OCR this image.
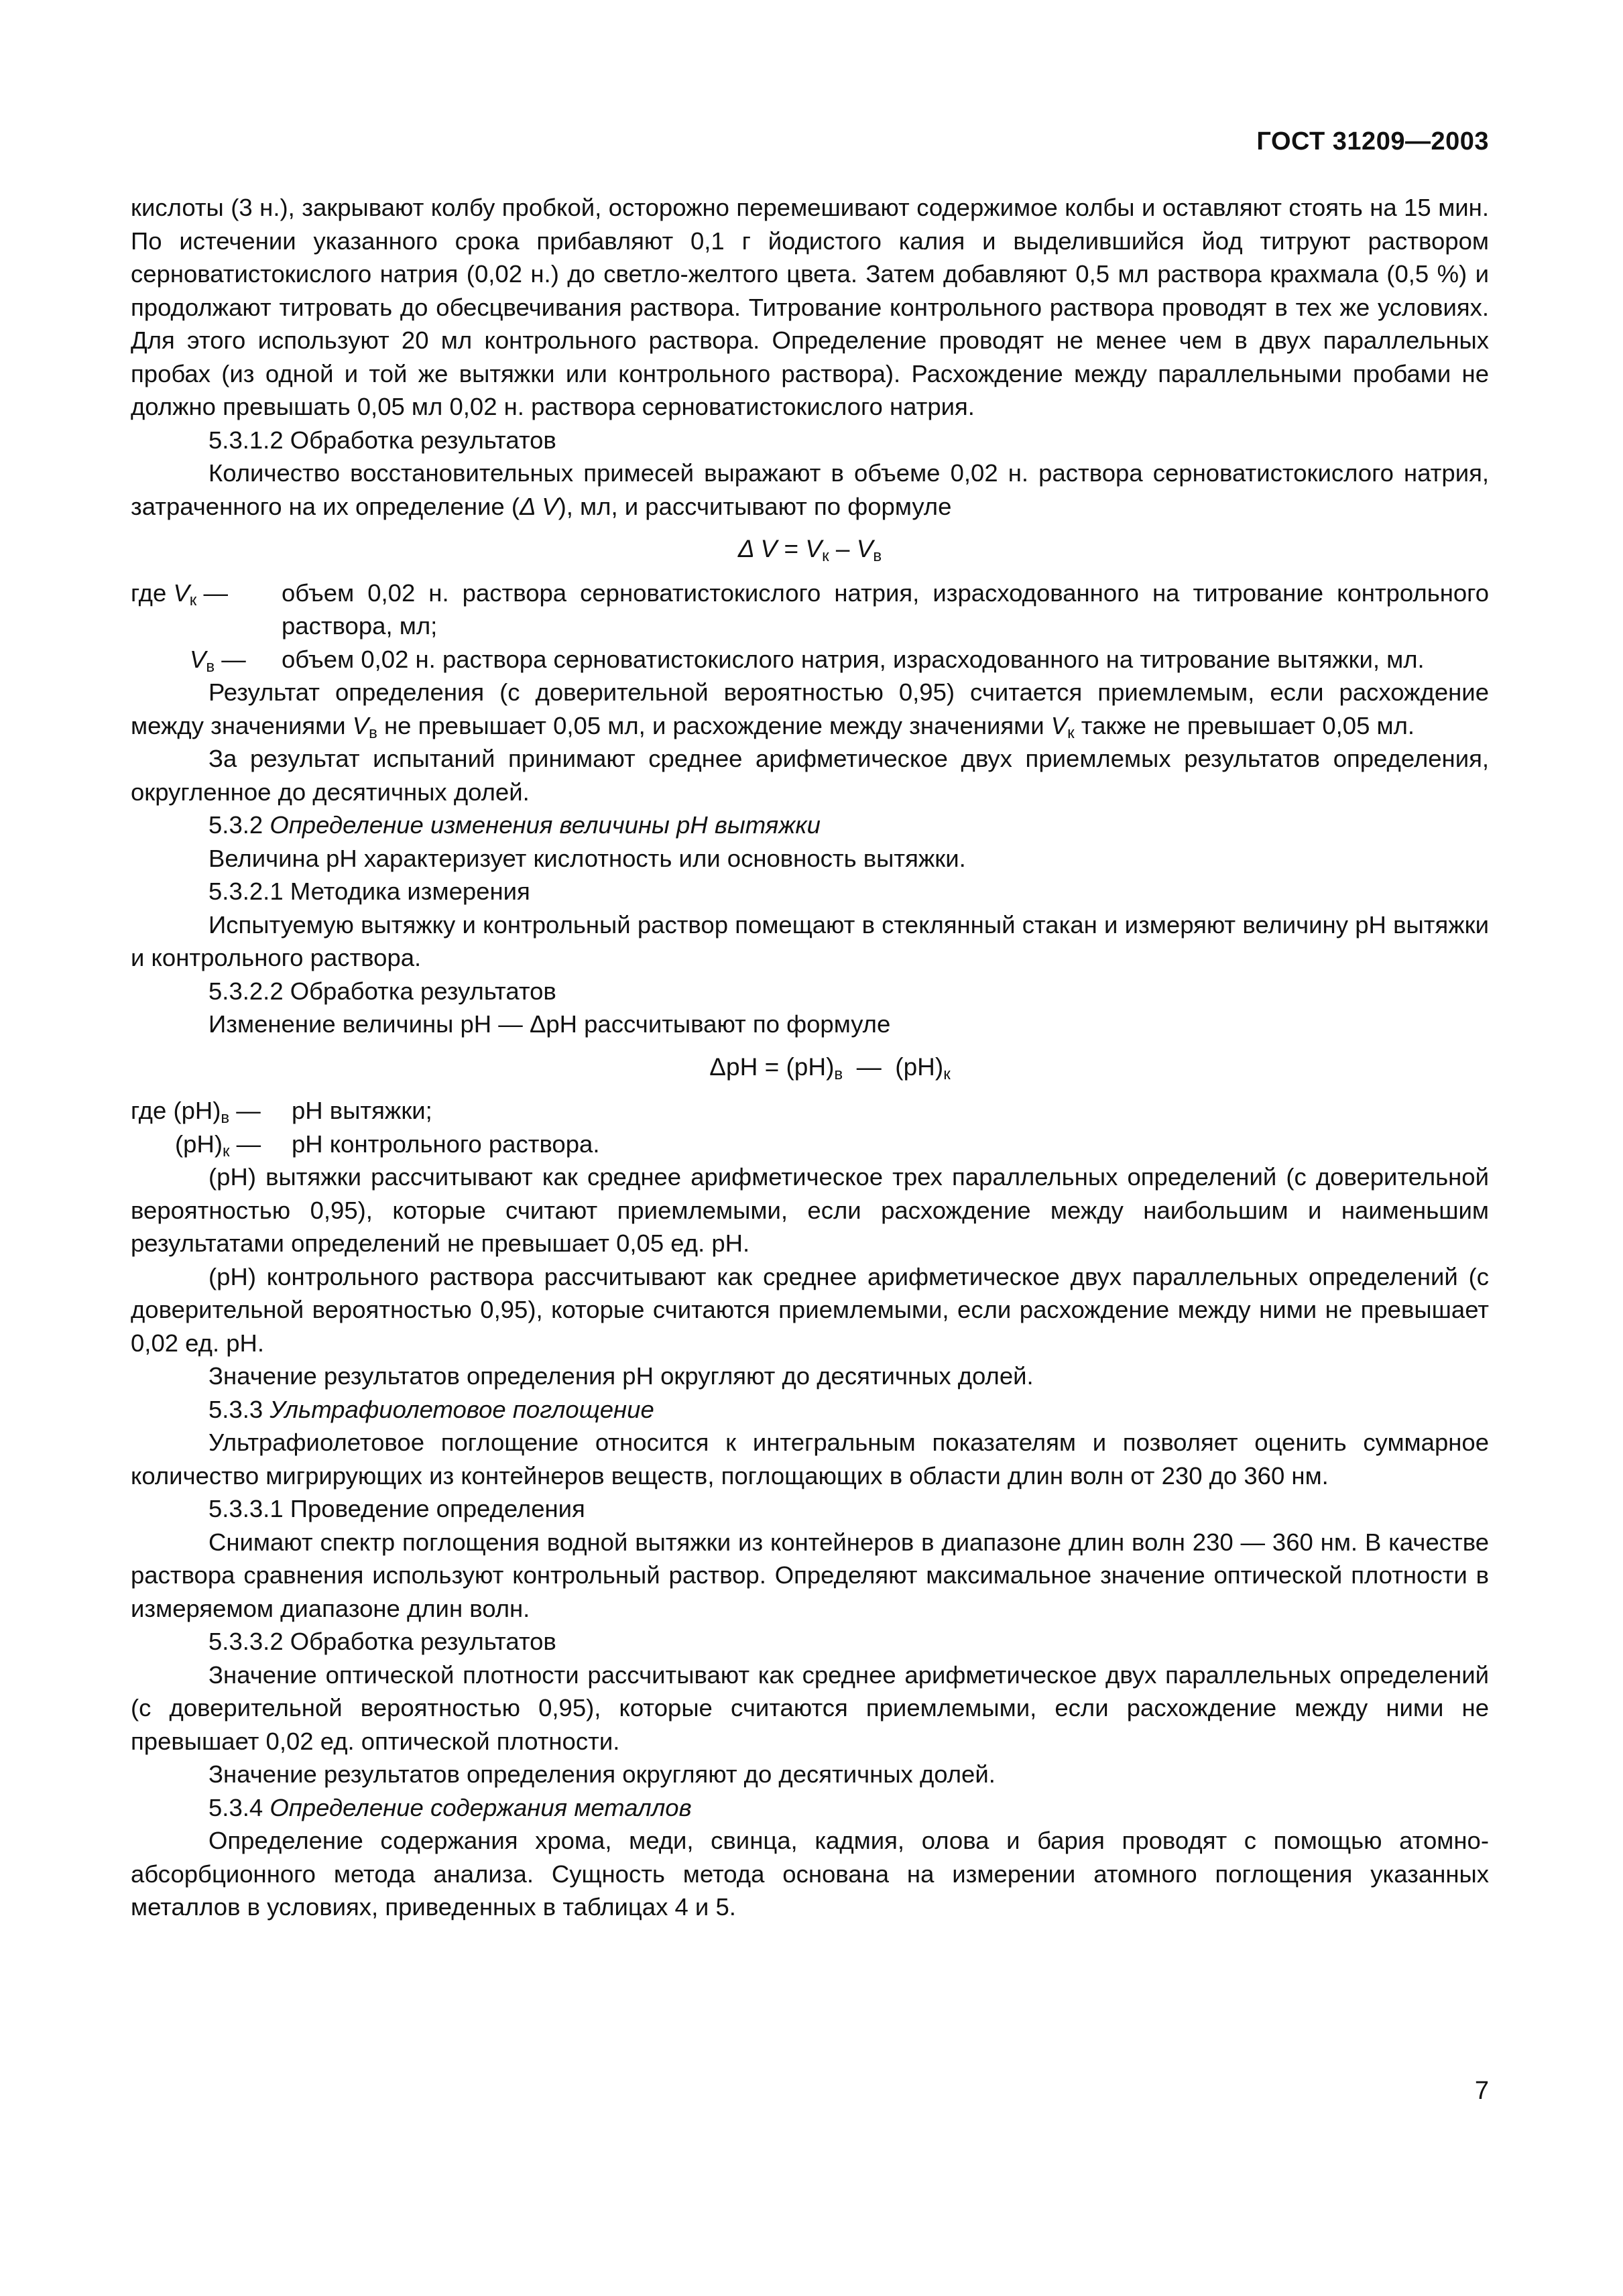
ГОСТ 31209—2003

кислоты (3 н.), закрывают колбу пробкой, осторожно перемешивают содержимое колбы и оставляют стоять на 15 мин. По истечении указанного срока прибавляют 0,1 г йодистого калия и выделившийся йод титруют раствором серноватистокислого натрия (0,02 н.) до светло-желтого цвета. Затем добавляют 0,5 мл раствора крахмала (0,5 %) и продолжают титровать до обесцвечивания раствора. Титрование контрольного раствора проводят в тех же условиях. Для этого используют 20 мл контрольного раствора. Определение проводят не менее чем в двух параллельных пробах (из одной и той же вытяжки или контрольного раствора). Расхождение между параллельными пробами не должно превышать 0,05 мл 0,02 н. раствора серноватистокислого натрия.

5.3.1.2 Обработка результатов

Количество восстановительных примесей выражают в объеме 0,02 н. раствора серноватистокислого натрия, затраченного на их определение (Δ V), мл, и рассчитывают по формуле

Δ $V = V_к - V_в$
где $V_к$ —	объем 0,02 н. раствора серноватистокислого натрия, израсходованного на титрование контрольного раствора, мл;
$V_в$ —	объем 0,02 н. раствора серноватистокислого натрия, израсходованного на титрование вытяжки, мл.

Результат определения (с доверительной вероятностью 0,95) считается приемлемым, если расхождение между значениями $V_в$ не превышает 0,05 мл, и расхождение между значениями $V_к$ также не превышает 0,05 мл.

За результат испытаний принимают среднее арифметическое двух приемлемых результатов определения, округленное до десятичных долей.

5.3.2 Определение изменения величины рН вытяжки

Величина рН характеризует кислотность или основность вытяжки.

5.3.2.1 Методика измерения

Испытуемую вытяжку и контрольный раствор помещают в стеклянный стакан и измеряют величину рН вытяжки и контрольного раствора.

5.3.2.2 Обработка результатов

Изменение величины рН — ΔрН рассчитывают по формуле

$\Delta рН = (рН)_в$  —  $(рН)_к$
где $(рН)_в$ —	рН вытяжки;
$(рН)_к$ —	рН контрольного раствора.

(рН) вытяжки рассчитывают как среднее арифметическое трех параллельных определений (с доверительной вероятностью 0,95), которые считают приемлемыми, если расхождение между наибольшим и наименьшим результатами определений не превышает 0,05 ед. рН.

(рН) контрольного раствора рассчитывают как среднее арифметическое двух параллельных определений (с доверительной вероятностью 0,95), которые считаются приемлемыми, если расхождение между ними не превышает 0,02 ед. рН.

Значение результатов определения рН округляют до десятичных долей.

5.3.3 Ультрафиолетовое поглощение

Ультрафиолетовое поглощение относится к интегральным показателям и позволяет оценить суммарное количество мигрирующих из контейнеров веществ, поглощающих в области длин волн от 230 до 360 нм.

5.3.3.1 Проведение определения

Снимают спектр поглощения водной вытяжки из контейнеров в диапазоне длин волн 230 — 360 нм. В качестве раствора сравнения используют контрольный раствор. Определяют максимальное значение оптической плотности в измеряемом диапазоне длин волн.

5.3.3.2 Обработка результатов

Значение оптической плотности рассчитывают как среднее арифметическое двух параллельных определений (с доверительной вероятностью 0,95), которые считаются приемлемыми, если расхождение между ними не превышает 0,02 ед. оптической плотности.

Значение результатов определения округляют до десятичных долей.

5.3.4 Определение содержания металлов

Определение содержания хрома, меди, свинца, кадмия, олова и бария проводят с помощью атомно-абсорбционного метода анализа. Сущность метода основана на измерении атомного поглощения указанных металлов в условиях, приведенных в таблицах 4 и 5.

7
